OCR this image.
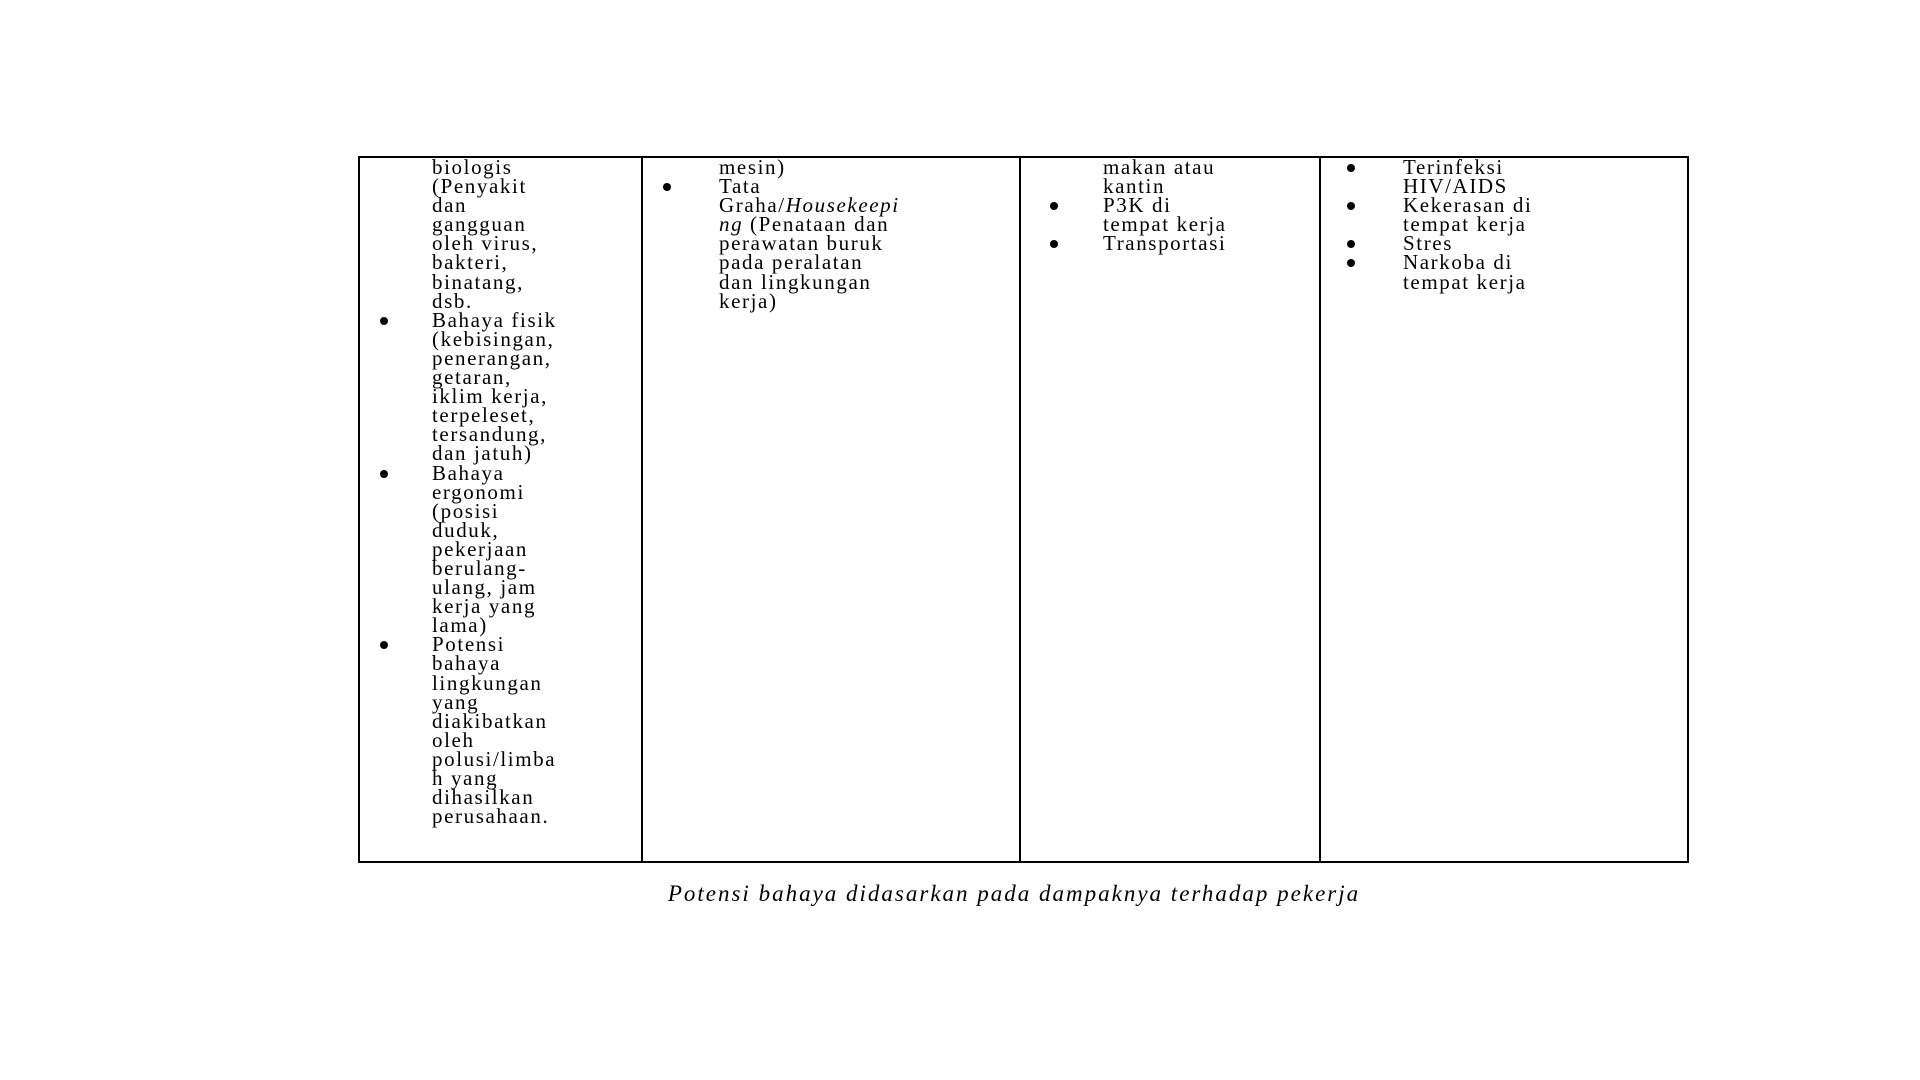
biologis
(Penyakit
dan
gangguan
oleh virus,
bakteri,
binatang,
dsb.
Bahaya fisik
(kebisingan,
penerangan,
getaran,
iklim kerja,
terpeleset,
tersandung,
dan jatuh)
Bahaya
ergonomi
(posisi
duduk,
pekerjaan
berulang-
ulang, jam
kerja yang
lama)
Potensi
bahaya
lingkungan
yang
diakibatkan
oleh
polusi/limba
h yang
dihasilkan
perusahaan.
mesin)
Tata
Graha/Housekeepi
ng (Penataan dan
perawatan buruk
pada peralatan
dan lingkungan
kerja)
makan atau
kantin
P3K di
tempat kerja
Transportasi
Terinfeksi
HIV/AIDS
Kekerasan di
tempat kerja
Stres
Narkoba di
tempat kerja
Potensi bahaya didasarkan pada dampaknya terhadap pekerja
